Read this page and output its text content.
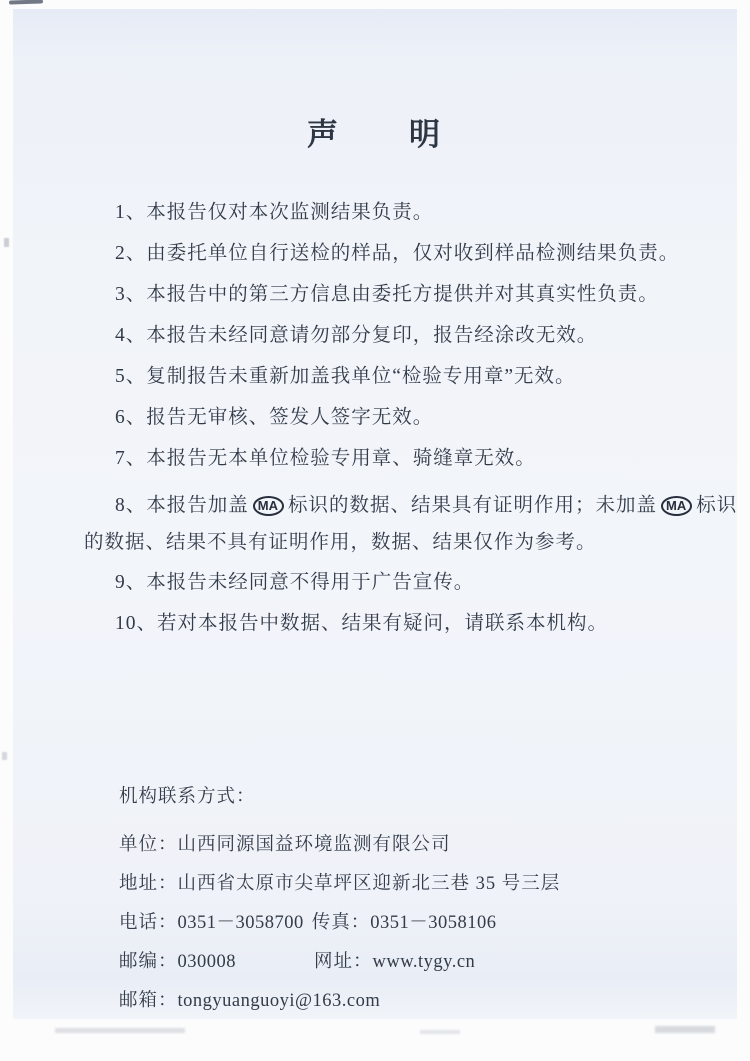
声　　明
1、本报告仅对本次监测结果负责。
2、由委托单位自行送检的样品，仅对收到样品检测结果负责。
3、本报告中的第三方信息由委托方提供并对其真实性负责。
4、本报告未经同意请勿部分复印，报告经涂改无效。
5、复制报告未重新加盖我单位“检验专用章”无效。
6、报告无审核、签发人签字无效。
7、本报告无本单位检验专用章、骑缝章无效。
8、本报告加盖 MA 标识的数据、结果具有证明作用；未加盖 MA 标识的数据、结果不具有证明作用，数据、结果仅作为参考。
9、本报告未经同意不得用于广告宣传。
10、若对本报告中数据、结果有疑问，请联系本机构。
机构联系方式：
单位：山西同源国益环境监测有限公司
地址：山西省太原市尖草坪区迎新北三巷 35 号三层
电话：0351－3058700 传真：0351－3058106
邮编：030008	网址：www.tygy.cn
邮箱：tongyuanguoyi@163.com
